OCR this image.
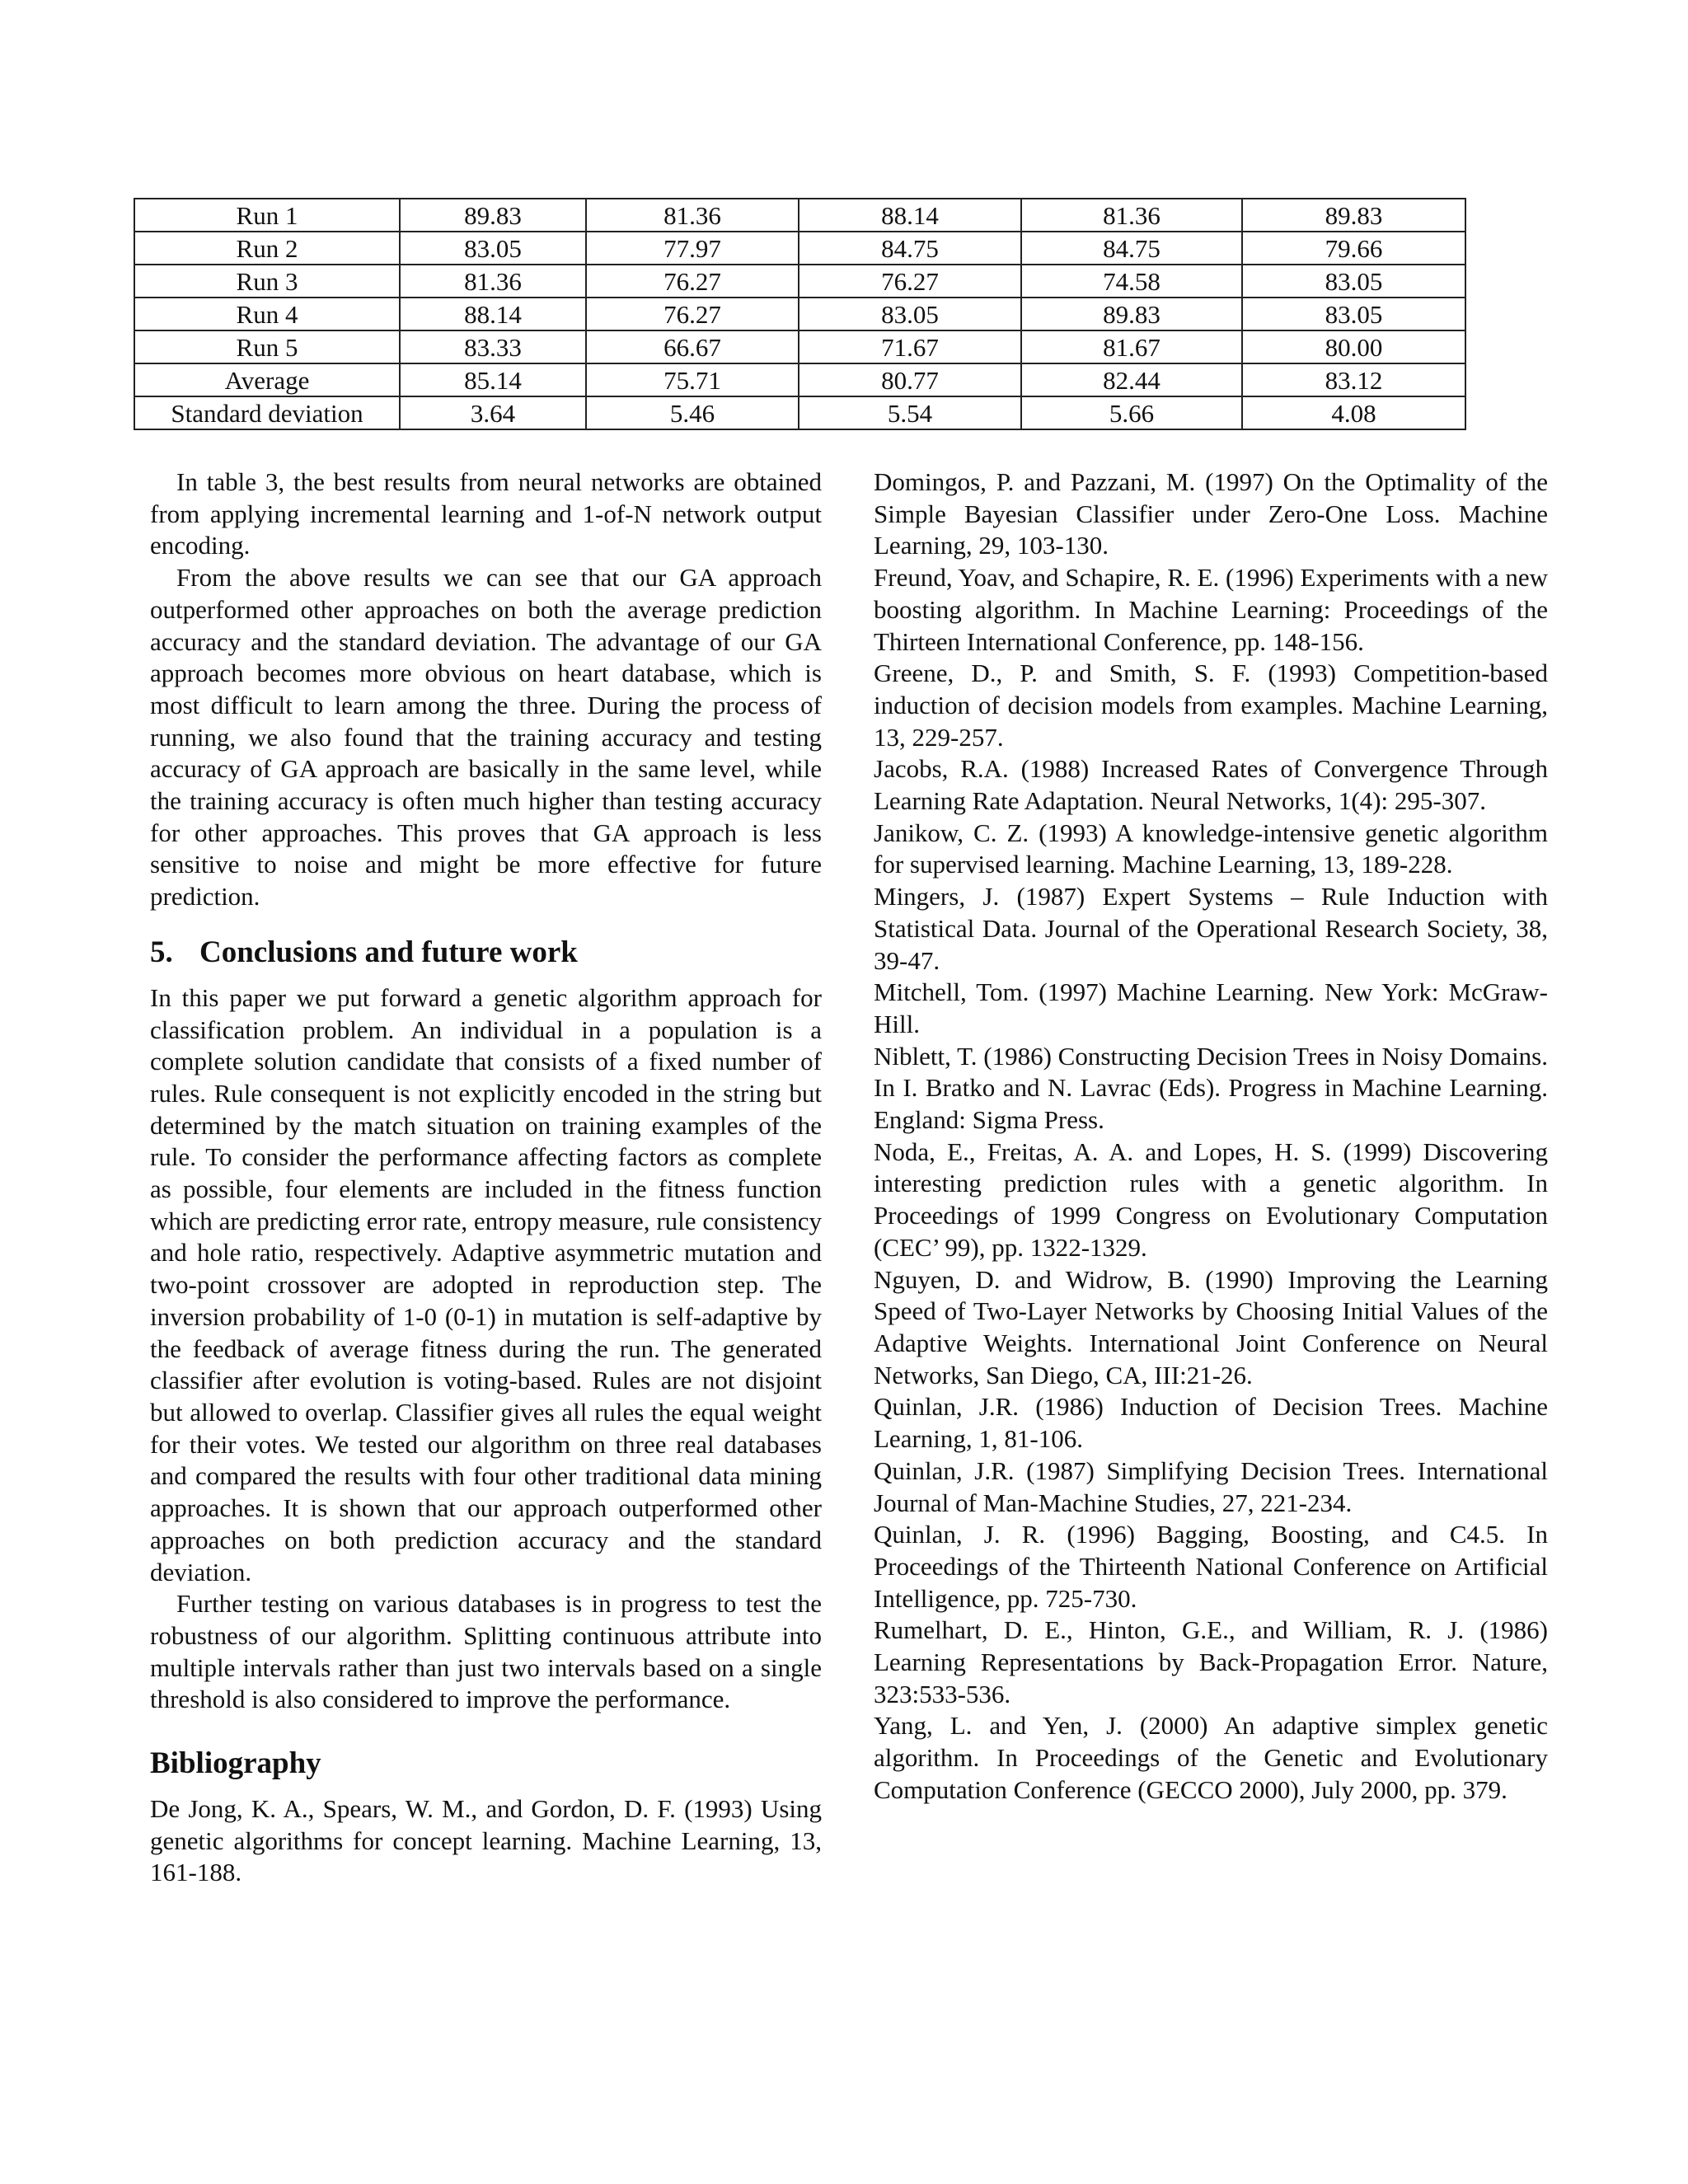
Run 1	89.83	81.36	88.14	81.36	89.83
Run 2	83.05	77.97	84.75	84.75	79.66
Run 3	81.36	76.27	76.27	74.58	83.05
Run 4	88.14	76.27	83.05	89.83	83.05
Run 5	83.33	66.67	71.67	81.67	80.00
Average	85.14	75.71	80.77	82.44	83.12
Standard deviation	3.64	5.46	5.54	5.66	4.08

In table 3, the best results from neural networks are obtained from applying incremental learning and 1-of-N network output encoding.

From the above results we can see that our GA approach outperformed other approaches on both the average prediction accuracy and the standard deviation. The advantage of our GA approach becomes more obvious on heart database, which is most difficult to learn among the three. During the process of running, we also found that the training accuracy and testing accuracy of GA approach are basically in the same level, while the training accuracy is often much higher than testing accuracy for other approaches. This proves that GA approach is less sensitive to noise and might be more effective for future prediction.

5. Conclusions and future work

In this paper we put forward a genetic algorithm approach for classification problem. An individual in a population is a complete solution candidate that consists of a fixed number of rules. Rule consequent is not explicitly encoded in the string but determined by the match situation on training examples of the rule. To consider the performance affecting factors as complete as possible, four elements are included in the fitness function which are predicting error rate, entropy measure, rule consistency and hole ratio, respectively. Adaptive asymmetric mutation and two-point crossover are adopted in reproduction step. The inversion probability of 1-0 (0-1) in mutation is self-adaptive by the feedback of average fitness during the run. The generated classifier after evolution is voting-based. Rules are not disjoint but allowed to overlap. Classifier gives all rules the equal weight for their votes. We tested our algorithm on three real databases and compared the results with four other traditional data mining approaches. It is shown that our approach outperformed other approaches on both prediction accuracy and the standard deviation.

Further testing on various databases is in progress to test the robustness of our algorithm. Splitting continuous attribute into multiple intervals rather than just two intervals based on a single threshold is also considered to improve the performance.

Bibliography

De Jong, K. A., Spears, W. M., and Gordon, D. F. (1993) Using genetic algorithms for concept learning. Machine Learning, 13, 161-188.

Domingos, P. and Pazzani, M. (1997) On the Optimality of the Simple Bayesian Classifier under Zero-One Loss. Machine Learning, 29, 103-130.

Freund, Yoav, and Schapire, R. E. (1996) Experiments with a new boosting algorithm. In Machine Learning: Proceedings of the Thirteen International Conference, pp. 148-156.

Greene, D., P. and Smith, S. F. (1993) Competition-based induction of decision models from examples. Machine Learning, 13, 229-257.

Jacobs, R.A. (1988) Increased Rates of Convergence Through Learning Rate Adaptation. Neural Networks, 1(4): 295-307.

Janikow, C. Z. (1993) A knowledge-intensive genetic algorithm for supervised learning. Machine Learning, 13, 189-228.

Mingers, J. (1987) Expert Systems – Rule Induction with Statistical Data. Journal of the Operational Research Society, 38, 39-47.

Mitchell, Tom. (1997) Machine Learning. New York: McGraw-Hill.

Niblett, T. (1986) Constructing Decision Trees in Noisy Domains. In I. Bratko and N. Lavrac (Eds). Progress in Machine Learning. England: Sigma Press.

Noda, E., Freitas, A. A. and Lopes, H. S. (1999) Discovering interesting prediction rules with a genetic algorithm. In Proceedings of 1999 Congress on Evolutionary Computation (CEC’ 99), pp. 1322-1329.

Nguyen, D. and Widrow, B. (1990) Improving the Learning Speed of Two-Layer Networks by Choosing Initial Values of the Adaptive Weights. International Joint Conference on Neural Networks, San Diego, CA, III:21-26.

Quinlan, J.R. (1986) Induction of Decision Trees. Machine Learning, 1, 81-106.

Quinlan, J.R. (1987) Simplifying Decision Trees. International Journal of Man-Machine Studies, 27, 221-234.

Quinlan, J. R. (1996) Bagging, Boosting, and C4.5. In Proceedings of the Thirteenth National Conference on Artificial Intelligence, pp. 725-730.

Rumelhart, D. E., Hinton, G.E., and William, R. J. (1986) Learning Representations by Back-Propagation Error. Nature, 323:533-536.

Yang, L. and Yen, J. (2000) An adaptive simplex genetic algorithm. In Proceedings of the Genetic and Evolutionary Computation Conference (GECCO 2000), July 2000, pp. 379.
